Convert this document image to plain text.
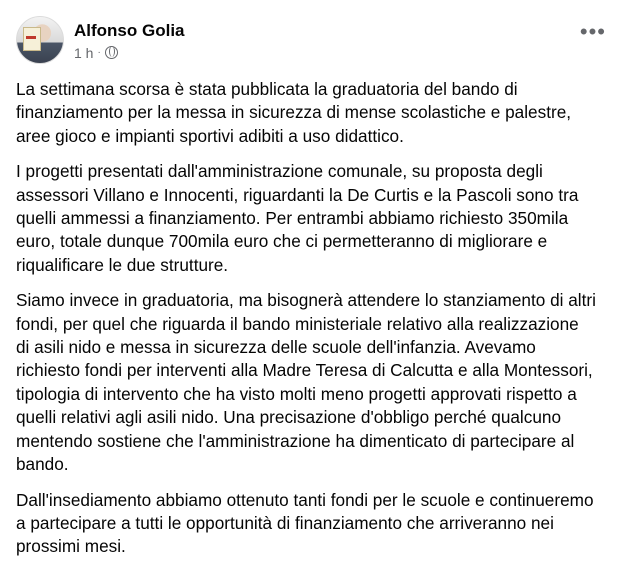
Alfonso Golia
1 h ·
•••

La settimana scorsa è stata pubblicata la graduatoria del bando di finanziamento per la messa in sicurezza di mense scolastiche e palestre, aree gioco e impianti sportivi adibiti a uso didattico.

I progetti presentati dall'amministrazione comunale, su proposta degli assessori Villano e Innocenti, riguardanti la De Curtis e la Pascoli sono tra quelli ammessi a finanziamento. Per entrambi abbiamo richiesto 350mila euro, totale dunque 700mila euro che ci permetteranno di migliorare e riqualificare le due strutture.

Siamo invece in graduatoria, ma bisognerà attendere lo stanziamento di altri fondi, per quel che riguarda il bando ministeriale relativo alla realizzazione di asili nido e messa in sicurezza delle scuole dell'infanzia. Avevamo richiesto fondi per interventi alla Madre Teresa di Calcutta e alla Montessori, tipologia di intervento che ha visto molti meno progetti approvati rispetto a quelli relativi agli asili nido. Una precisazione d'obbligo perché qualcuno mentendo sostiene che l'amministrazione ha dimenticato di partecipare al bando.

Dall'insediamento abbiamo ottenuto tanti fondi per le scuole e continueremo a partecipare a tutti le opportunità di finanziamento che arriveranno nei prossimi mesi.
